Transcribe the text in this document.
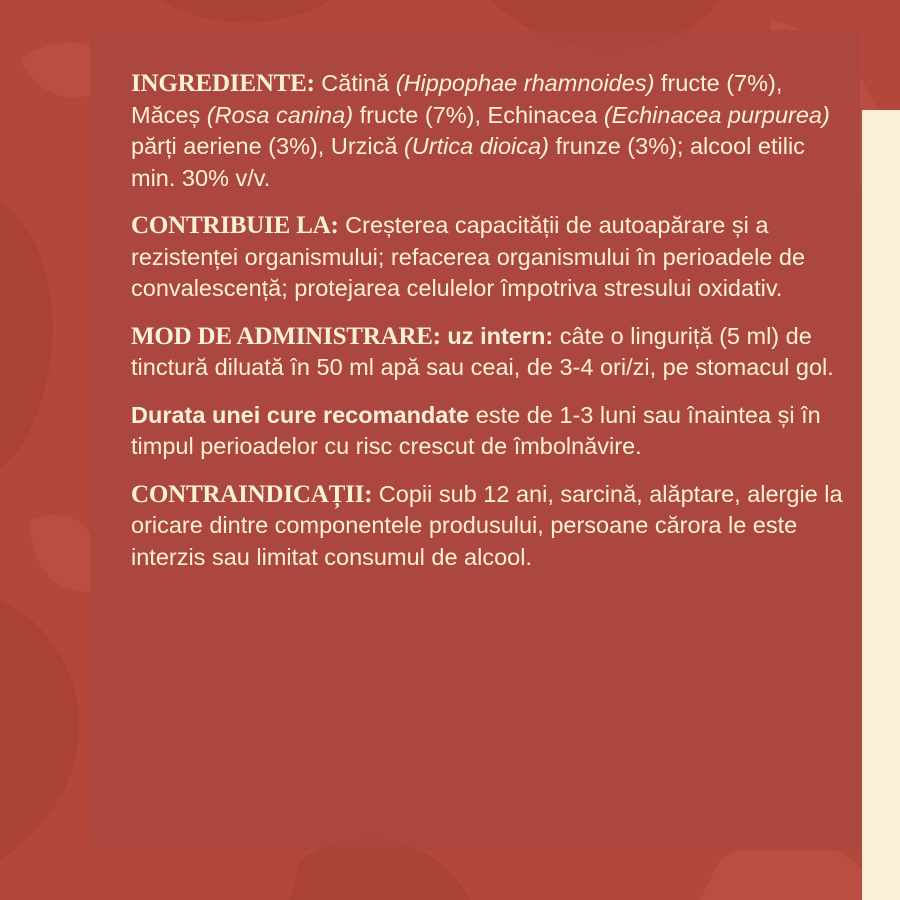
INGREDIENTE: Cătină (Hippophae rhamnoides) fructe (7%), Măceș (Rosa canina) fructe (7%), Echinacea (Echinacea purpurea) părți aeriene (3%), Urzică (Urtica dioica) frunze (3%); alcool etilic min. 30% v/v.

CONTRIBUIE LA: Creșterea capacității de autoapărare și a rezistenței organismului; refacerea organismului în perioadele de convalescență; protejarea celulelor împotriva stresului oxidativ.

MOD DE ADMINISTRARE: uz intern: câte o linguriță (5 ml) de tinctură diluată în 50 ml apă sau ceai, de 3-4 ori/zi, pe stomacul gol.

Durata unei cure recomandate este de 1-3 luni sau înaintea și în timpul perioadelor cu risc crescut de îmbolnăvire.

CONTRAINDICAȚII: Copii sub 12 ani, sarcină, alăptare, alergie la oricare dintre componentele produsului, persoane cărora le este interzis sau limitat consumul de alcool.
